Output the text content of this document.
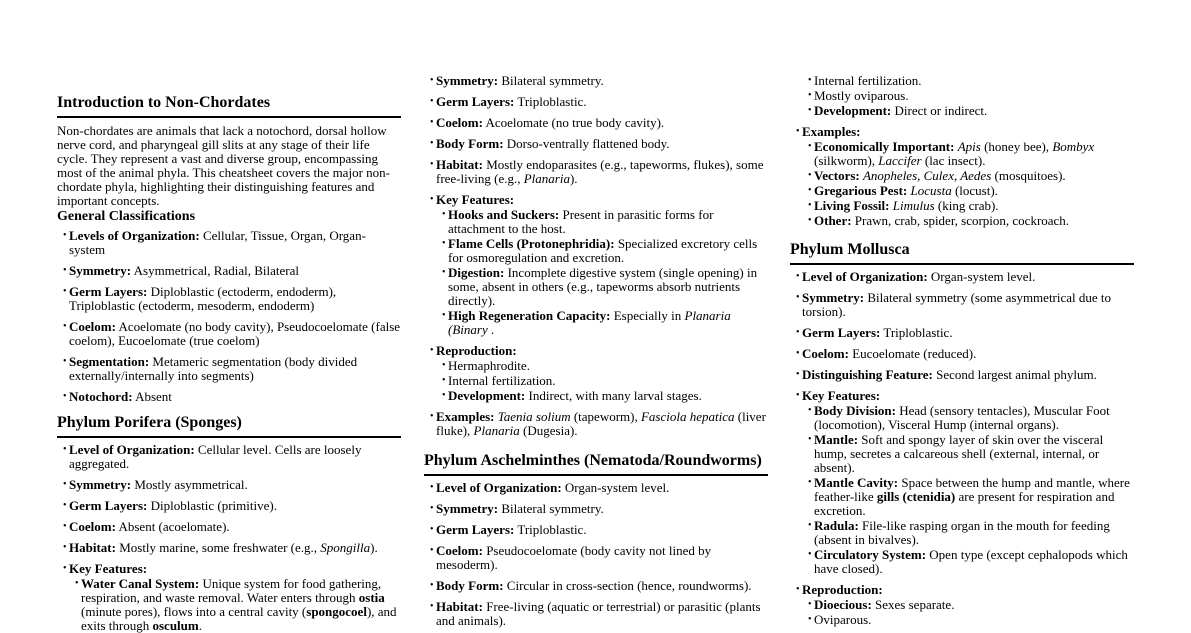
Introduction to Non-Chordates

Non-chordates are animals that lack a notochord, dorsal hollow nerve cord, and pharyngeal gill slits at any stage of their life cycle. They represent a vast and diverse group, encompassing most of the animal phyla. This cheatsheet covers the major non-chordate phyla, highlighting their distinguishing features and important concepts.

General Classifications
• Levels of Organization: Cellular, Tissue, Organ, Organ-system
• Symmetry: Asymmetrical, Radial, Bilateral
• Germ Layers: Diploblastic (ectoderm, endoderm), Triploblastic (ectoderm, mesoderm, endoderm)
• Coelom: Acoelomate (no body cavity), Pseudocoelomate (false coelom), Eucoelomate (true coelom)
• Segmentation: Metameric segmentation (body divided externally/internally into segments)
• Notochord: Absent
Phylum Porifera (Sponges)
• Level of Organization: Cellular level. Cells are loosely aggregated.
• Symmetry: Mostly asymmetrical.
• Germ Layers: Diploblastic (primitive).
• Coelom: Absent (acoelomate).
• Habitat: Mostly marine, some freshwater (e.g., Spongilla).
• Key Features:
• Water Canal System: Unique system for food gathering, respiration, and waste removal. Water enters through ostia (minute pores), flows into a central cavity (spongocoel), and exits through osculum.
• Symmetry: Bilateral symmetry.
• Germ Layers: Triploblastic.
• Coelom: Acoelomate (no true body cavity).
• Body Form: Dorso-ventrally flattened body.
• Habitat: Mostly endoparasites (e.g., tapeworms, flukes), some free-living (e.g., Planaria).
• Key Features:
• Hooks and Suckers: Present in parasitic forms for attachment to the host.
• Flame Cells (Protonephridia): Specialized excretory cells for osmoregulation and excretion.
• Digestion: Incomplete digestive system (single opening) in some, absent in others (e.g., tapeworms absorb nutrients directly).
• High Regeneration Capacity: Especially in Planaria (Binary .
• Reproduction:
• Hermaphrodite.
• Internal fertilization.
• Development: Indirect, with many larval stages.
• Examples: Taenia solium (tapeworm), Fasciola hepatica (liver fluke), Planaria (Dugesia).
Phylum Aschelminthes (Nematoda/Roundworms)
• Level of Organization: Organ-system level.
• Symmetry: Bilateral symmetry.
• Germ Layers: Triploblastic.
• Coelom: Pseudocoelomate (body cavity not lined by mesoderm).
• Body Form: Circular in cross-section (hence, roundworms).
• Habitat: Free-living (aquatic or terrestrial) or parasitic (plants and animals).
• Internal fertilization.
• Mostly oviparous.
• Development: Direct or indirect.
• Examples:
• Economically Important: Apis (honey bee), Bombyx (silkworm), Laccifer (lac insect).
• Vectors: Anopheles, Culex, Aedes (mosquitoes).
• Gregarious Pest: Locusta (locust).
• Living Fossil: Limulus (king crab).
• Other: Prawn, crab, spider, scorpion, cockroach.
Phylum Mollusca
• Level of Organization: Organ-system level.
• Symmetry: Bilateral symmetry (some asymmetrical due to torsion).
• Germ Layers: Triploblastic.
• Coelom: Eucoelomate (reduced).
• Distinguishing Feature: Second largest animal phylum.
• Key Features:
• Body Division: Head (sensory tentacles), Muscular Foot (locomotion), Visceral Hump (internal organs).
• Mantle: Soft and spongy layer of skin over the visceral hump, secretes a calcareous shell (external, internal, or absent).
• Mantle Cavity: Space between the hump and mantle, where feather-like gills (ctenidia) are present for respiration and excretion.
• Radula: File-like rasping organ in the mouth for feeding (absent in bivalves).
• Circulatory System: Open type (except cephalopods which have closed).
• Reproduction:
• Dioecious: Sexes separate.
• Oviparous.
